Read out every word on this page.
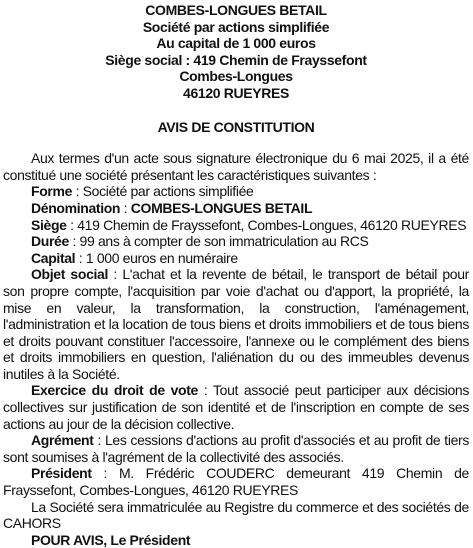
COMBES-LONGUES BETAIL
Société par actions simplifiée
Au capital de 1 000 euros
Siège social : 419 Chemin de Frayssefont
Combes-Longues
46120 RUEYRES
AVIS DE CONSTITUTION

Aux termes d'un acte sous signature électronique du 6 mai 2025, il a été constitué une société présentant les caractéristiques suivantes :

Forme : Société par actions simplifiée
Dénomination : COMBES-LONGUES BETAIL
Siège : 419 Chemin de Frayssefont, Combes-Longues, 46120 RUEYRES
Durée : 99 ans à compter de son immatriculation au RCS
Capital : 1 000 euros en numéraire

Objet social : L'achat et la revente de bétail, le transport de bétail pour son propre compte, l'acquisition par voie d'achat ou d'apport, la propriété, la mise en valeur, la transformation, la construction, l'aménagement, l'administration et la location de tous biens et droits immobiliers et de tous biens et droits pouvant constituer l'accessoire, l'annexe ou le complément des biens et droits immobiliers en question, l'aliénation du ou des immeubles devenus inutiles à la Société.

Exercice du droit de vote : Tout associé peut participer aux décisions collectives sur justification de son identité et de l'inscription en compte de ses actions au jour de la décision collective.

Agrément : Les cessions d'actions au profit d'associés et au profit de tiers sont soumises à l'agrément de la collectivité des associés.

Président : M. Frédéric COUDERC demeurant 419 Chemin de Frayssefont, Combes-Longues, 46120 RUEYRES

La Société sera immatriculée au Registre du commerce et des sociétés de CAHORS

POUR AVIS, Le Président
